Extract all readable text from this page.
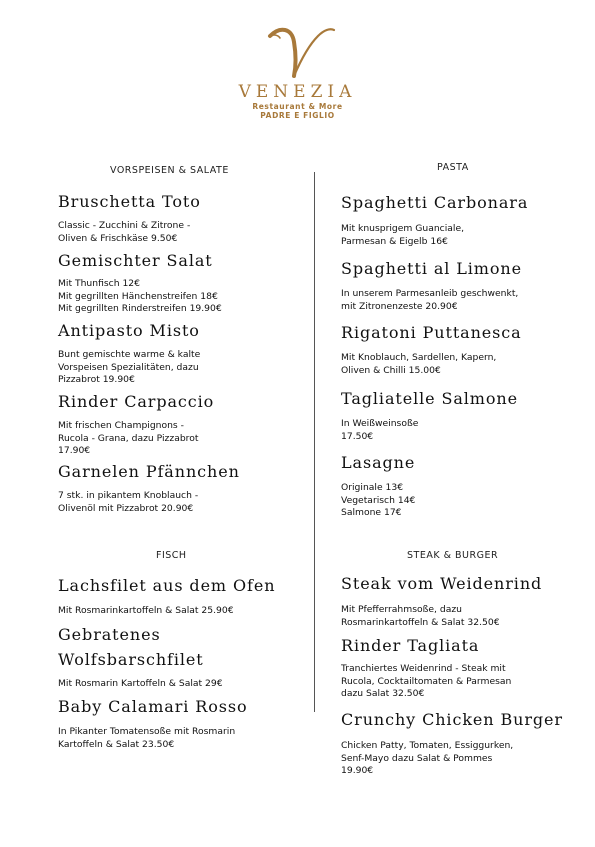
VENEZIA
Restaurant & More
PADRE E FIGLIO
VORSPEISEN & SALATE
Bruschetta Toto
Classic - Zucchini & Zitrone -
Oliven & Frischkäse 9.50€
Gemischter Salat
Mit Thunfisch 12€
Mit gegrillten Hänchenstreifen 18€
Mit gegrillten Rinderstreifen 19.90€
Antipasto Misto
Bunt gemischte warme & kalte
Vorspeisen Spezialitäten, dazu
Pizzabrot 19.90€
Rinder Carpaccio
Mit frischen Champignons -
Rucola - Grana, dazu Pizzabrot
17.90€
Garnelen Pfännchen
7 stk. in pikantem Knoblauch -
Olivenöl mit Pizzabrot 20.90€
PASTA
Spaghetti Carbonara
Mit knusprigem Guanciale,
Parmesan & Eigelb 16€
Spaghetti al Limone
In unserem Parmesanleib geschwenkt,
mit Zitronenzeste 20.90€
Rigatoni Puttanesca
Mit Knoblauch, Sardellen, Kapern,
Oliven & Chilli 15.00€
Tagliatelle Salmone
In Weißweinsoße
17.50€
Lasagne
Originale 13€
Vegetarisch 14€
Salmone 17€
FISCH
Lachsfilet aus dem Ofen
Mit Rosmarinkartoffeln & Salat 25.90€
Gebratenes
Wolfsbarschfilet
Mit Rosmarin Kartoffeln & Salat 29€
Baby Calamari Rosso
In Pikanter Tomatensoße mit Rosmarin
Kartoffeln & Salat 23.50€
STEAK & BURGER
Steak vom Weidenrind
Mit Pfefferrahmsoße, dazu
Rosmarinkartoffeln & Salat 32.50€
Rinder Tagliata
Tranchiertes Weidenrind - Steak mit
Rucola, Cocktailtomaten & Parmesan
dazu Salat 32.50€
Crunchy Chicken Burger
Chicken Patty, Tomaten, Essiggurken,
Senf-Mayo dazu Salat & Pommes
19.90€
